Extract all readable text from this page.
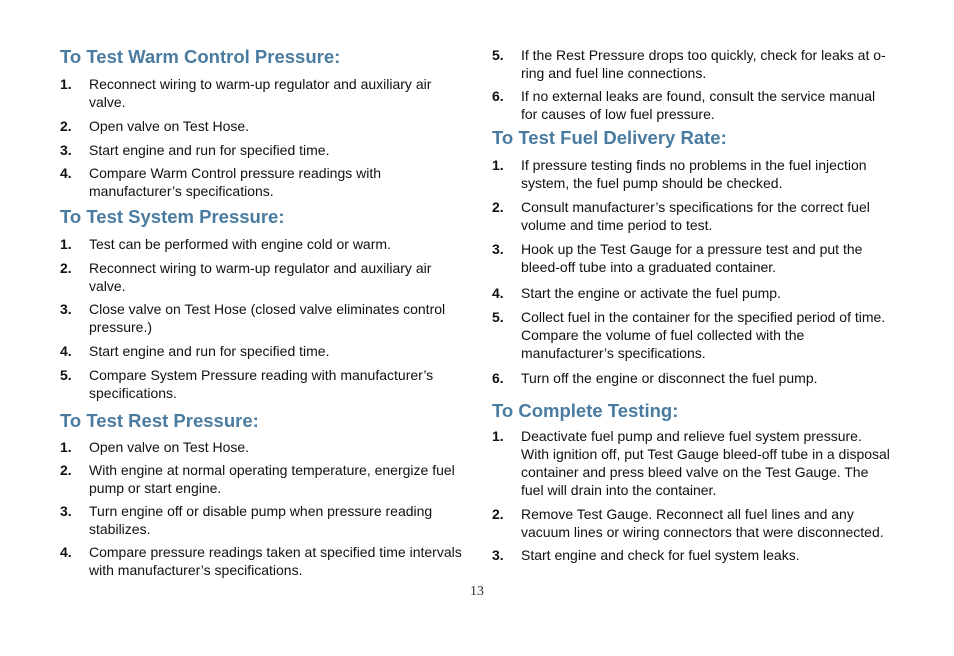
To Test Warm Control Pressure:
1. Reconnect wiring to warm-up regulator and auxiliary air valve.
2. Open valve on Test Hose.
3. Start engine and run for specified time.
4. Compare Warm Control pressure readings with manufacturer’s specifications.
To Test System Pressure:
1. Test can be performed with engine cold or warm.
2. Reconnect wiring to warm-up regulator and auxiliary air valve.
3. Close valve on Test Hose (closed valve eliminates control pressure.)
4. Start engine and run for specified time.
5. Compare System Pressure reading with manufacturer’s specifications.
To Test Rest Pressure:
1. Open valve on Test Hose.
2. With engine at normal operating temperature, energize fuel pump or start engine.
3. Turn engine off or disable pump when pressure reading stabilizes.
4. Compare pressure readings taken at specified time intervals with manufacturer’s specifications.
5. If the Rest Pressure drops too quickly, check for leaks at o-ring and fuel line connections.
6. If no external leaks are found, consult the service manual for causes of low fuel pressure.
To Test Fuel Delivery Rate:
1. If pressure testing finds no problems in the fuel injection system, the fuel pump should be checked.
2. Consult manufacturer’s specifications for the correct fuel volume and time period to test.
3. Hook up the Test Gauge for a pressure test and put the bleed-off tube into a graduated container.
4. Start the engine or activate the fuel pump.
5. Collect fuel in the container for the specified period of time. Compare the volume of fuel collected with the manufacturer’s specifications.
6. Turn off the engine or disconnect the fuel pump.
To Complete Testing:
1. Deactivate fuel pump and relieve fuel system pressure. With ignition off, put Test Gauge bleed-off tube in a disposal container and press bleed valve on the Test Gauge. The fuel will drain into the container.
2. Remove Test Gauge. Reconnect all fuel lines and any vacuum lines or wiring connectors that were disconnected.
3. Start engine and check for fuel system leaks.
13
